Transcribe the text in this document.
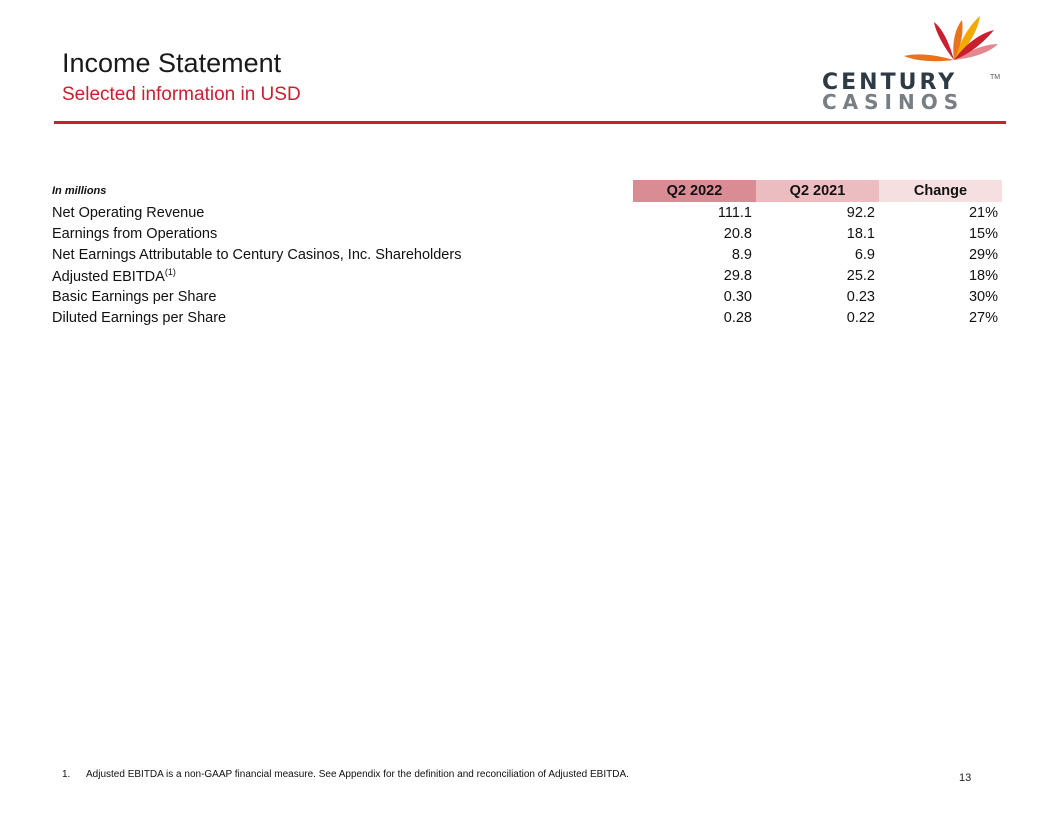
Income Statement
Selected information in USD	CENTURY
CASINOS
TM
In millions	Q2 2022	Q2 2021	Change
Net Operating Revenue	111.1	92.2	21%
Earnings from Operations	20.8	18.1	15%
Net Earnings Attributable to Century Casinos, Inc. Shareholders	8.9	6.9	29%
Adjusted EBITDA$^{(1)}$	29.8	25.2	18%
Basic Earnings per Share	0.30	0.23	30%
Diluted Earnings per Share	0.28	0.22	27%
1. Adjusted EBITDA is a non-GAAP financial measure. See Appendix for the definition and reconciliation of Adjusted EBITDA.	13
